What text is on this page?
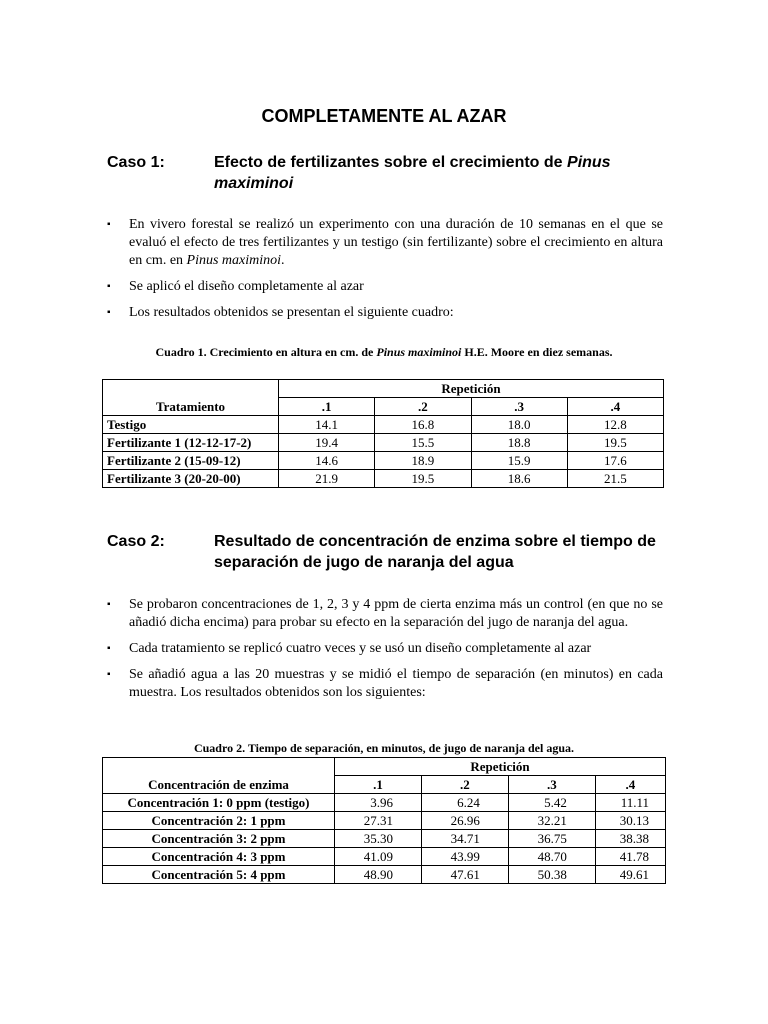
COMPLETAMENTE AL AZAR
Caso 1:	Efecto de fertilizantes sobre el crecimiento de Pinus maximinoi
▪ En vivero forestal se realizó un experimento con una duración de 10 semanas en el que se evaluó el efecto de tres fertilizantes y un testigo (sin fertilizante) sobre el crecimiento en altura en cm. en Pinus maximinoi.
▪ Se aplicó el diseño completamente al azar
▪ Los resultados obtenidos se presentan el siguiente cuadro:
Cuadro 1. Crecimiento en altura en cm. de Pinus maximinoi H.E. Moore en diez semanas.
Tratamiento	Repetición			
	.1	.2	.3	.4
Testigo	14.1	16.8	18.0	12.8
Fertilizante 1 (12-12-17-2)	19.4	15.5	18.8	19.5
Fertilizante 2 (15-09-12)	14.6	18.9	15.9	17.6
Fertilizante 3 (20-20-00)	21.9	19.5	18.6	21.5
Caso 2:	Resultado de concentración de enzima sobre el tiempo de separación de jugo de naranja del agua
▪ Se probaron concentraciones de 1, 2, 3 y 4 ppm de cierta enzima más un control (en que no se añadió dicha encima) para probar su efecto en la separación del jugo de naranja del agua.
▪ Cada tratamiento se replicó cuatro veces y se usó un diseño completamente al azar
▪ Se añadió agua a las 20 muestras y se midió el tiempo de separación (en minutos) en cada muestra. Los resultados obtenidos son los siguientes:
Cuadro 2. Tiempo de separación, en minutos, de jugo de naranja del agua.
Concentración de enzima	Repetición			
	.1	.2	.3	.4
Concentración 1: 0 ppm (testigo)	3.96	6.24	5.42	11.11
Concentración 2: 1 ppm	27.31	26.96	32.21	30.13
Concentración 3: 2 ppm	35.30	34.71	36.75	38.38
Concentración 4: 3 ppm	41.09	43.99	48.70	41.78
Concentración 5: 4 ppm	48.90	47.61	50.38	49.61
